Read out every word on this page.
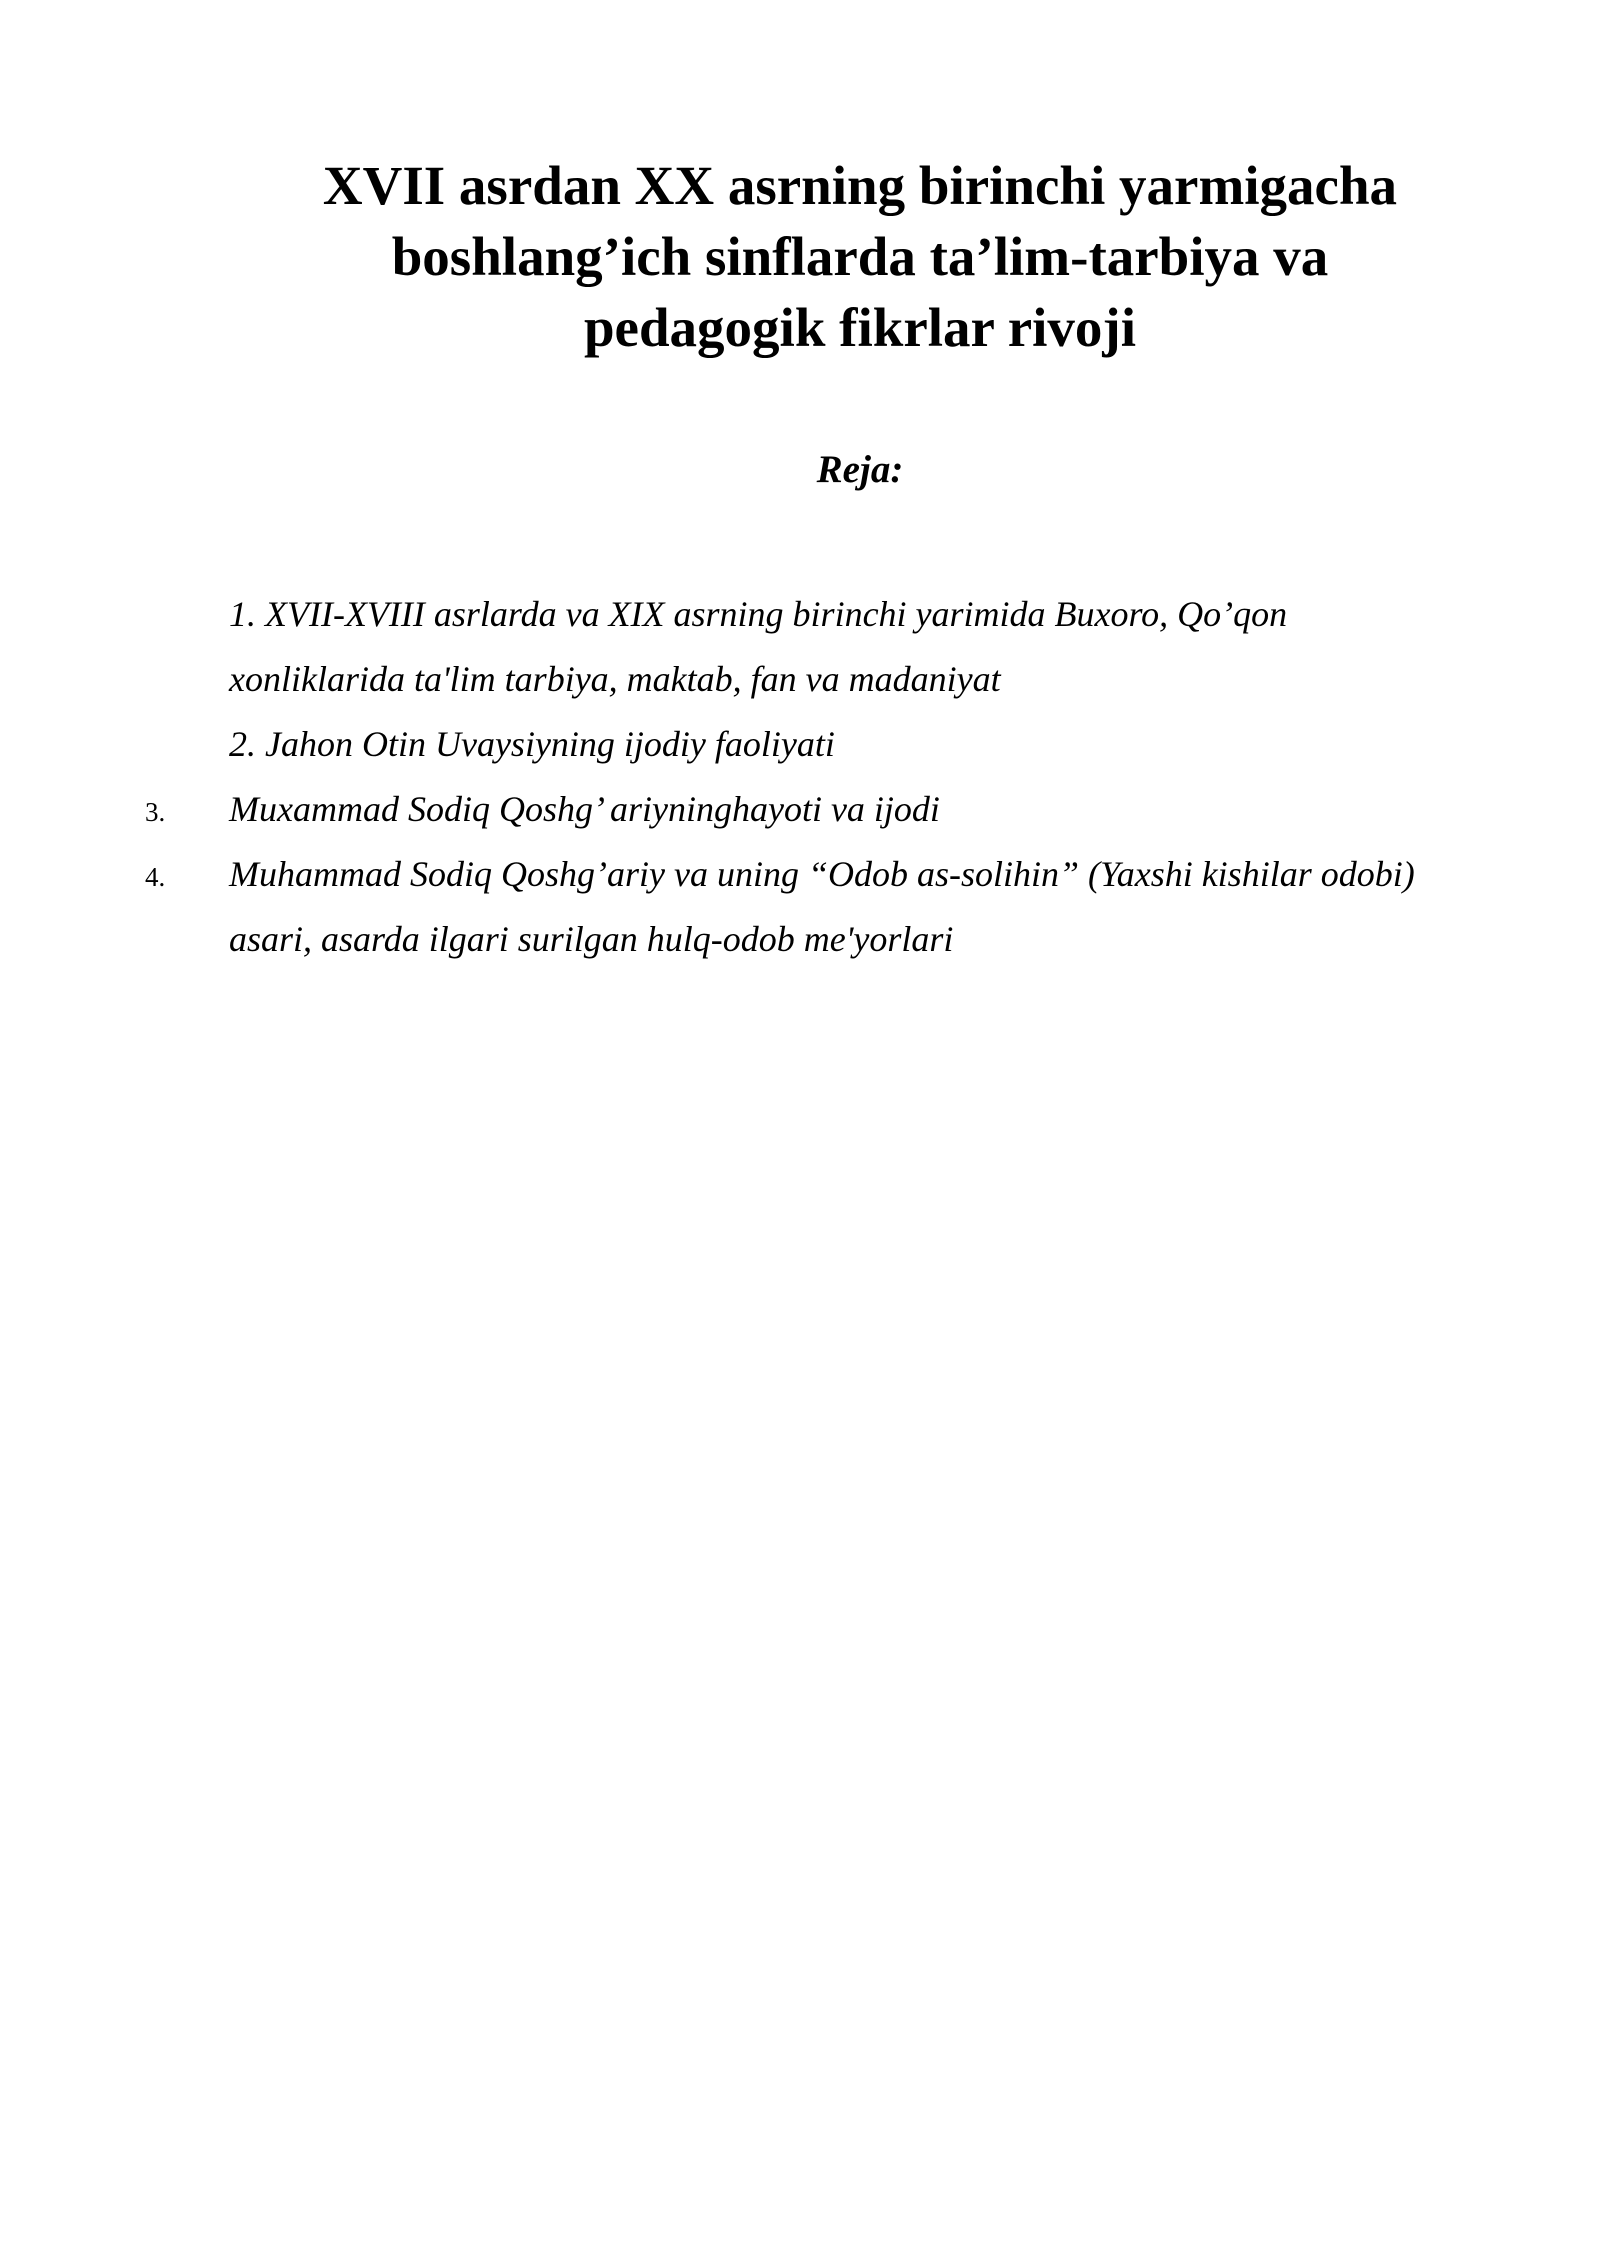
XVII asrdan XX asrning birinchi yarmigacha
boshlang’ich sinflarda ta’lim-tarbiya va
pedagogik fikrlar rivoji

Reja:

1. XVII-XVIII asrlarda va XIX asrning birinchi yarimida Buxoro, Qo’qon

xonliklarida ta'lim tarbiya, maktab, fan va madaniyat

2. Jahon Otin Uvaysiyning ijodiy faoliyati

3. Muxammad Sodiq Qoshg’ ariyninghayoti va ijodi

4. Muhammad Sodiq Qoshg’ariy va uning “Odob as-solihin” (Yaxshi kishilar odobi)

asari, asarda ilgari surilgan hulq-odob me'yorlari
